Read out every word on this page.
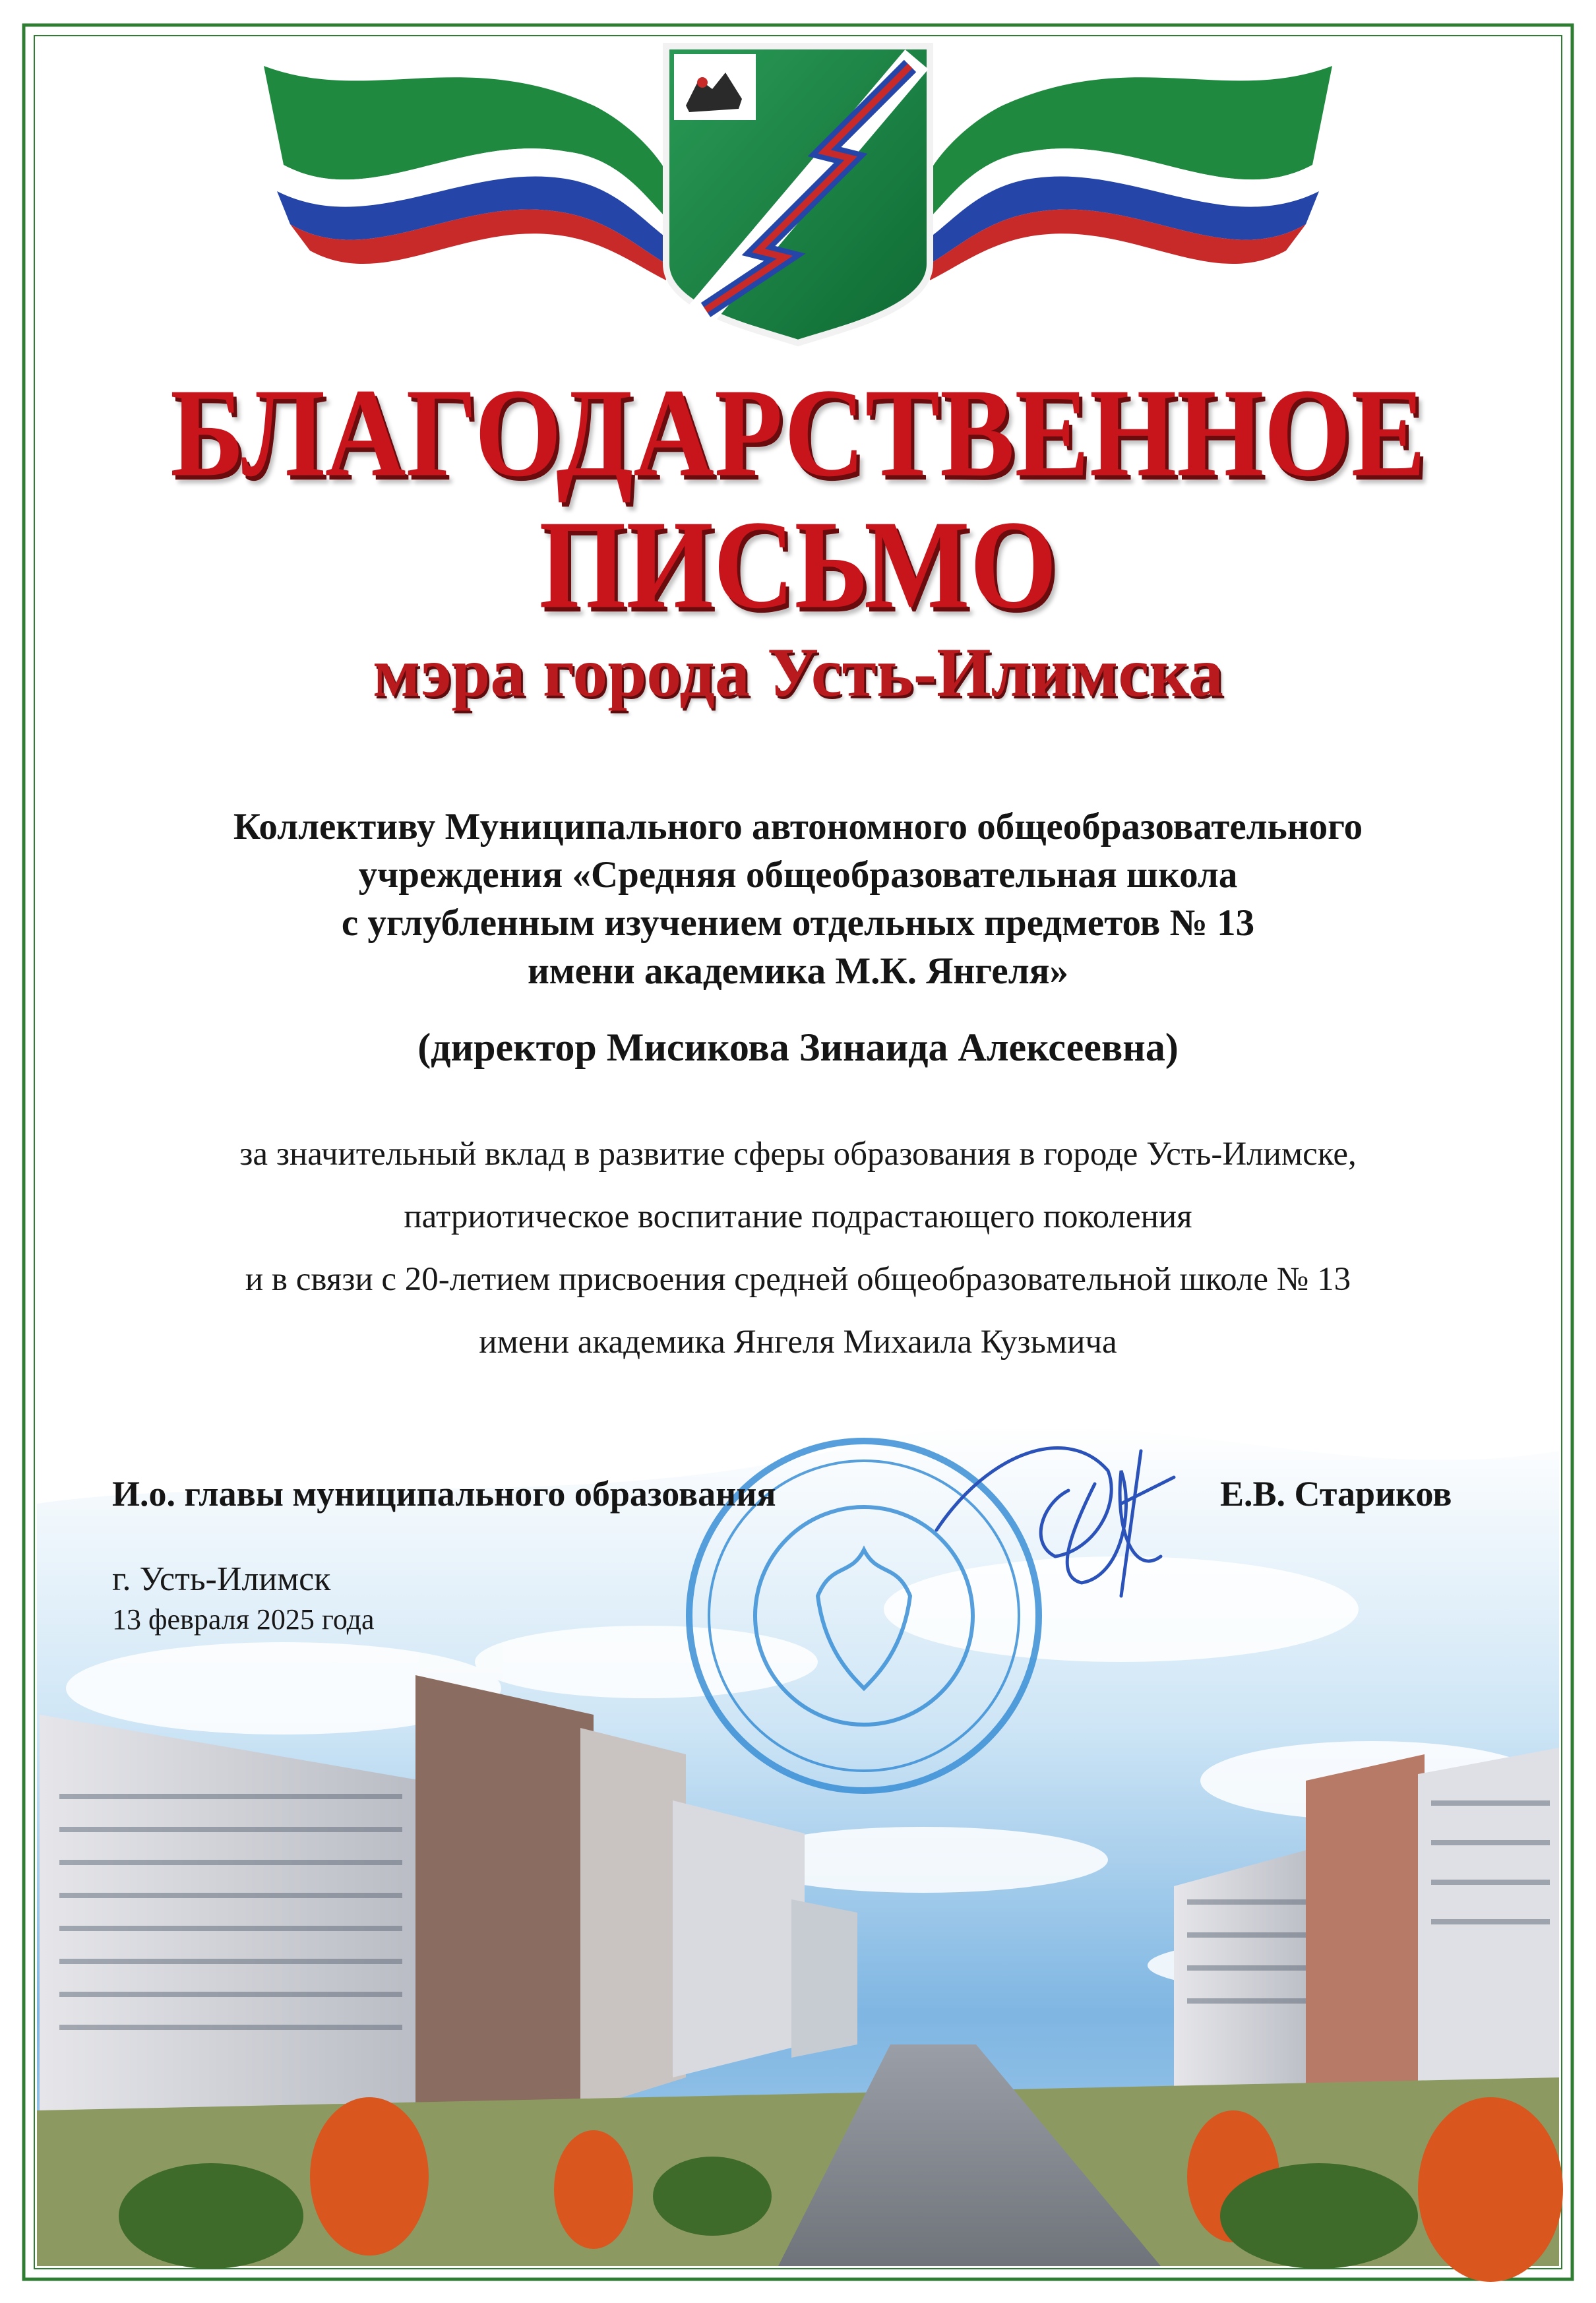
БЛАГОДАРСТВЕННОЕ
ПИСЬМО
мэра города Усть-Илимска
Коллективу Муниципального автономного общеобразовательного
учреждения «Средняя общеобразовательная школа
с углубленным изучением отдельных предметов № 13
имени академика М.К. Янгеля»
(директор Мисикова Зинаида Алексеевна)
за значительный вклад в развитие сферы образования в городе Усть-Илимске,
патриотическое воспитание подрастающего поколения
и в связи с 20-летием присвоения средней общеобразовательной школе № 13
имени академика Янгеля Михаила Кузьмича
И.о. главы муниципального образования	Е.В. Стариков
г. Усть-Илимск
13 февраля 2025 года
